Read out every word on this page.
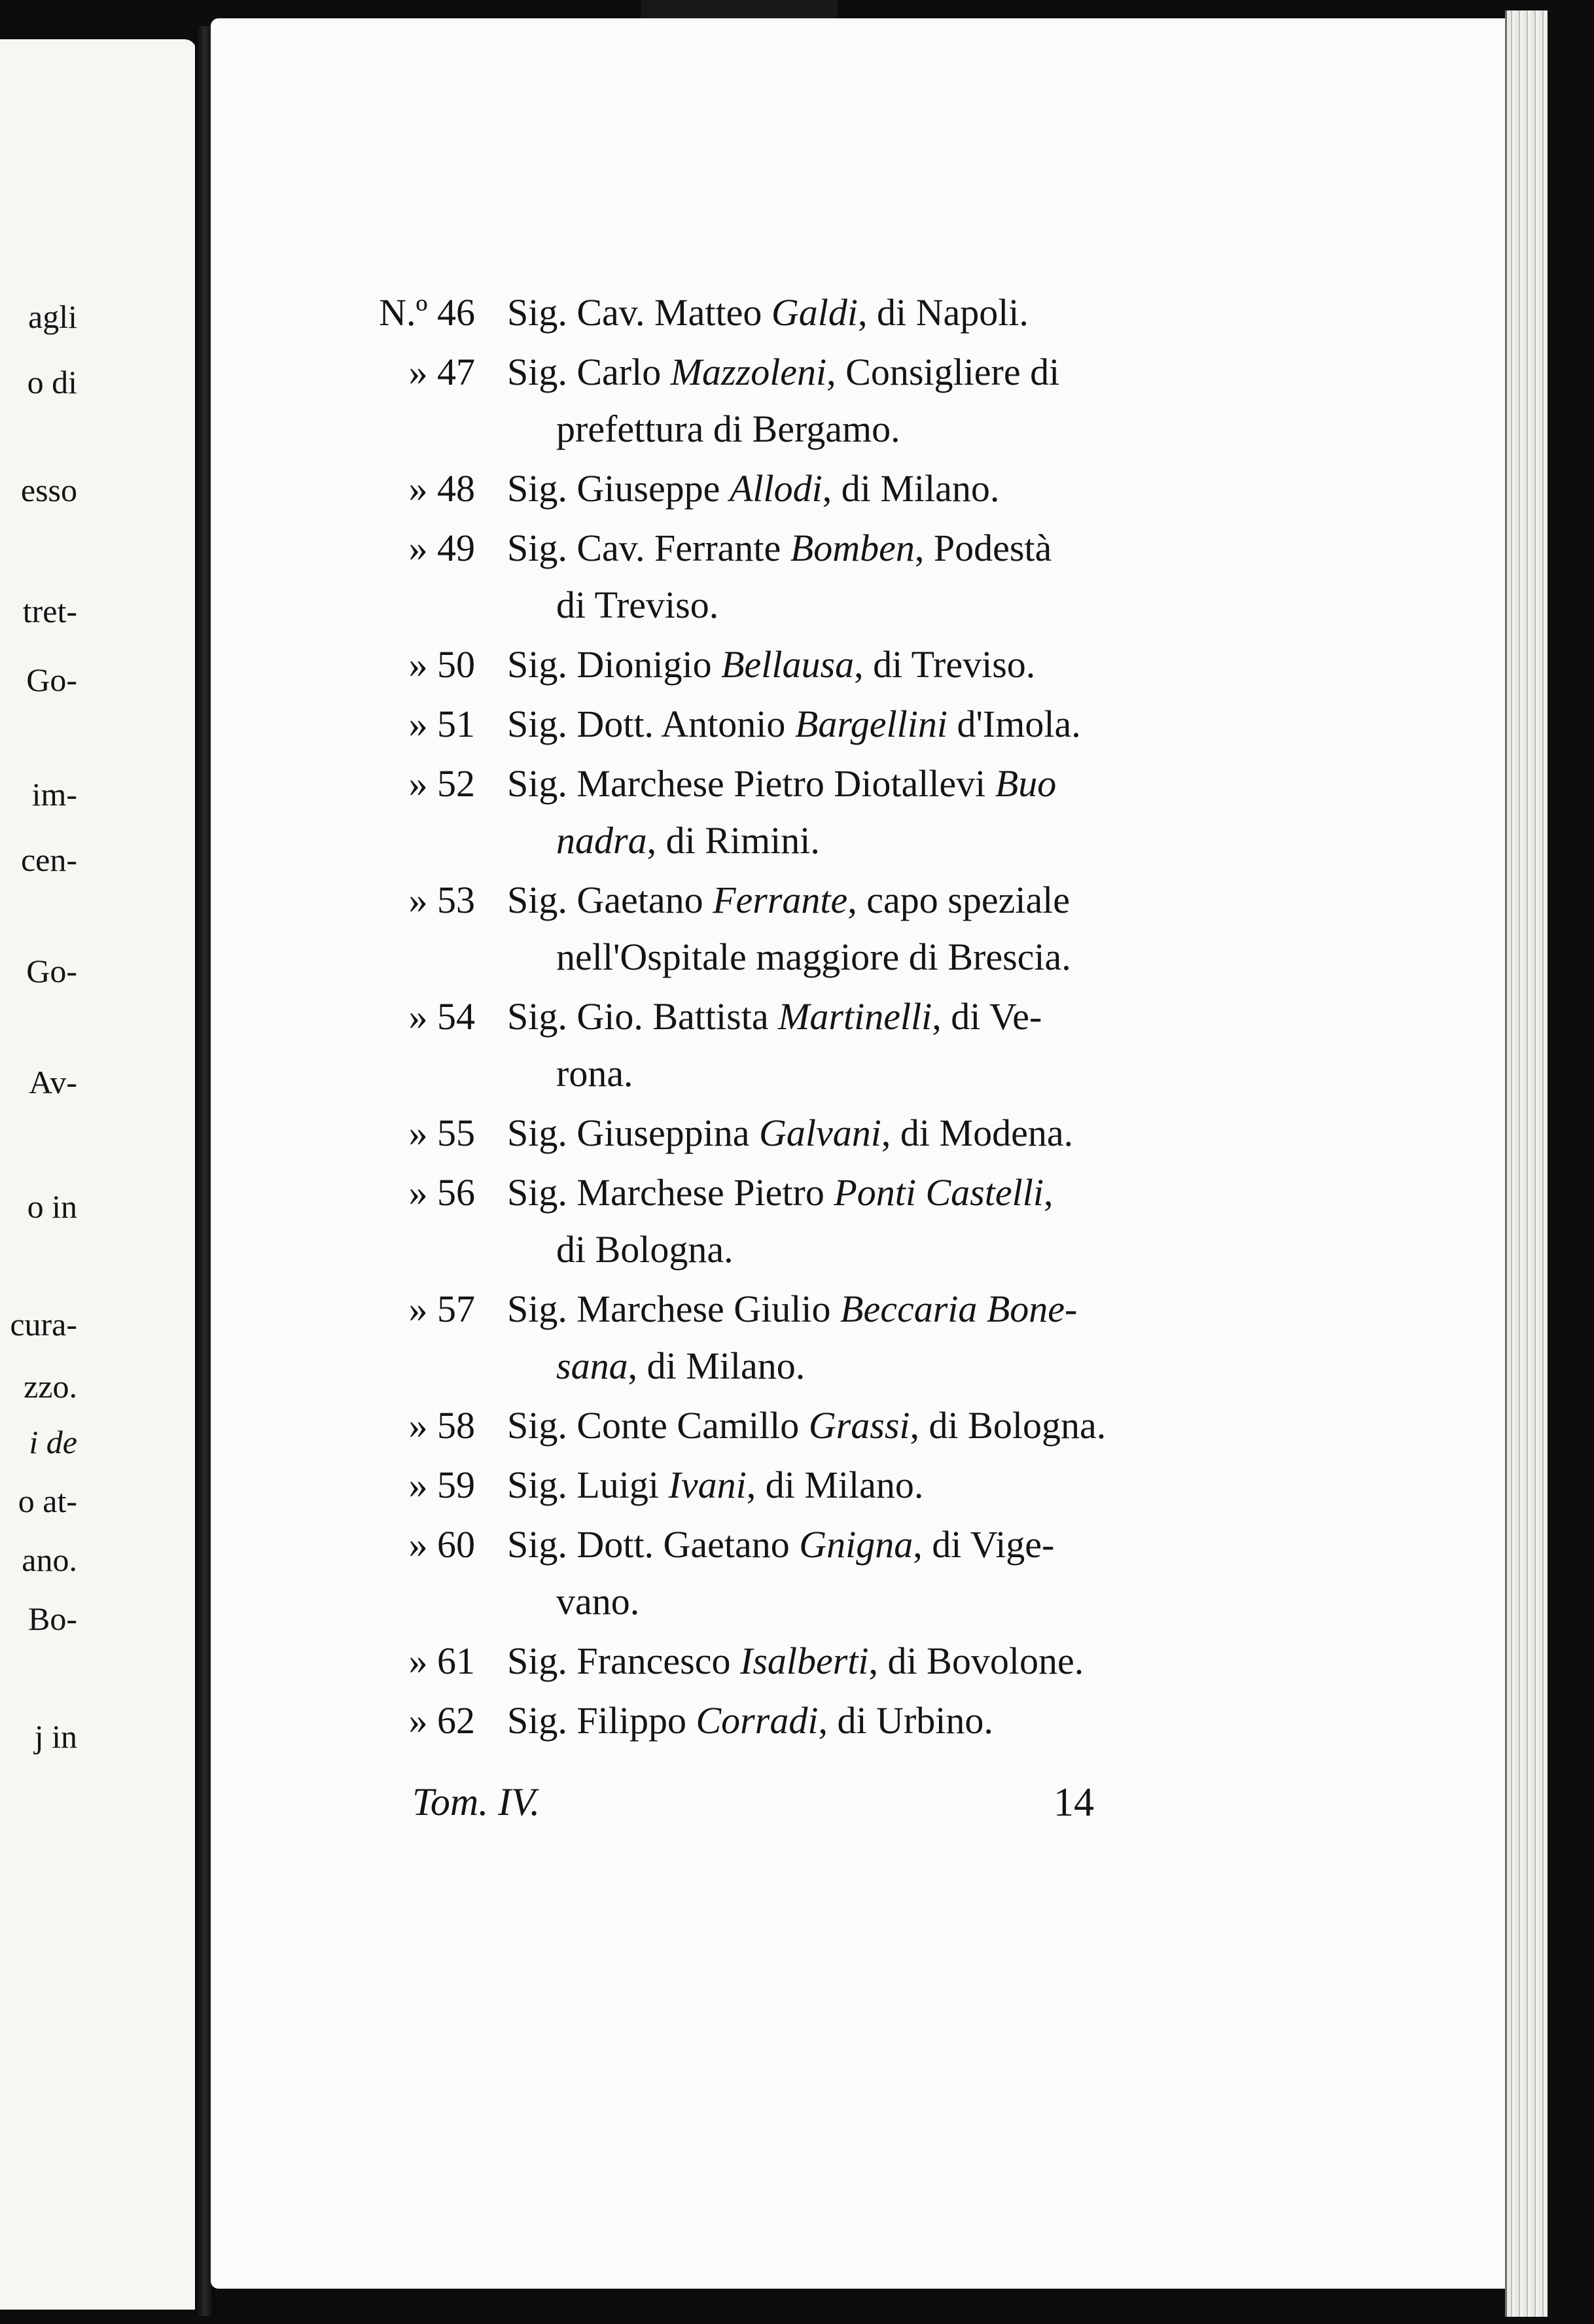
agli
o di
esso
tret-
Go-
im-
cen-
Go-
Av-
o in
cura-
zzo.
i de
o at-
ano.
Bo-
j in
N.º 46 Sig. Cav. Matteo Galdi, di Napoli.
» 47 Sig. Carlo Mazzoleni, Consigliere di
prefettura di Bergamo.
» 48 Sig. Giuseppe Allodi, di Milano.
» 49 Sig. Cav. Ferrante Bomben, Podestà
di Treviso.
» 50 Sig. Dionigio Bellausa, di Treviso.
» 51 Sig. Dott. Antonio Bargellini d'Imola.
» 52 Sig. Marchese Pietro Diotallevi Buo
nadra, di Rimini.
» 53 Sig. Gaetano Ferrante, capo speziale
nell'Ospitale maggiore di Brescia.
» 54 Sig. Gio. Battista Martinelli, di Ve-
rona.
» 55 Sig. Giuseppina Galvani, di Modena.
» 56 Sig. Marchese Pietro Ponti Castelli,
di Bologna.
» 57 Sig. Marchese Giulio Beccaria Bone-
sana, di Milano.
» 58 Sig. Conte Camillo Grassi, di Bologna.
» 59 Sig. Luigi Ivani, di Milano.
» 60 Sig. Dott. Gaetano Gnigna, di Vige-
vano.
» 61 Sig. Francesco Isalberti, di Bovolone.
» 62 Sig. Filippo Corradi, di Urbino.
Tom. IV.	14
